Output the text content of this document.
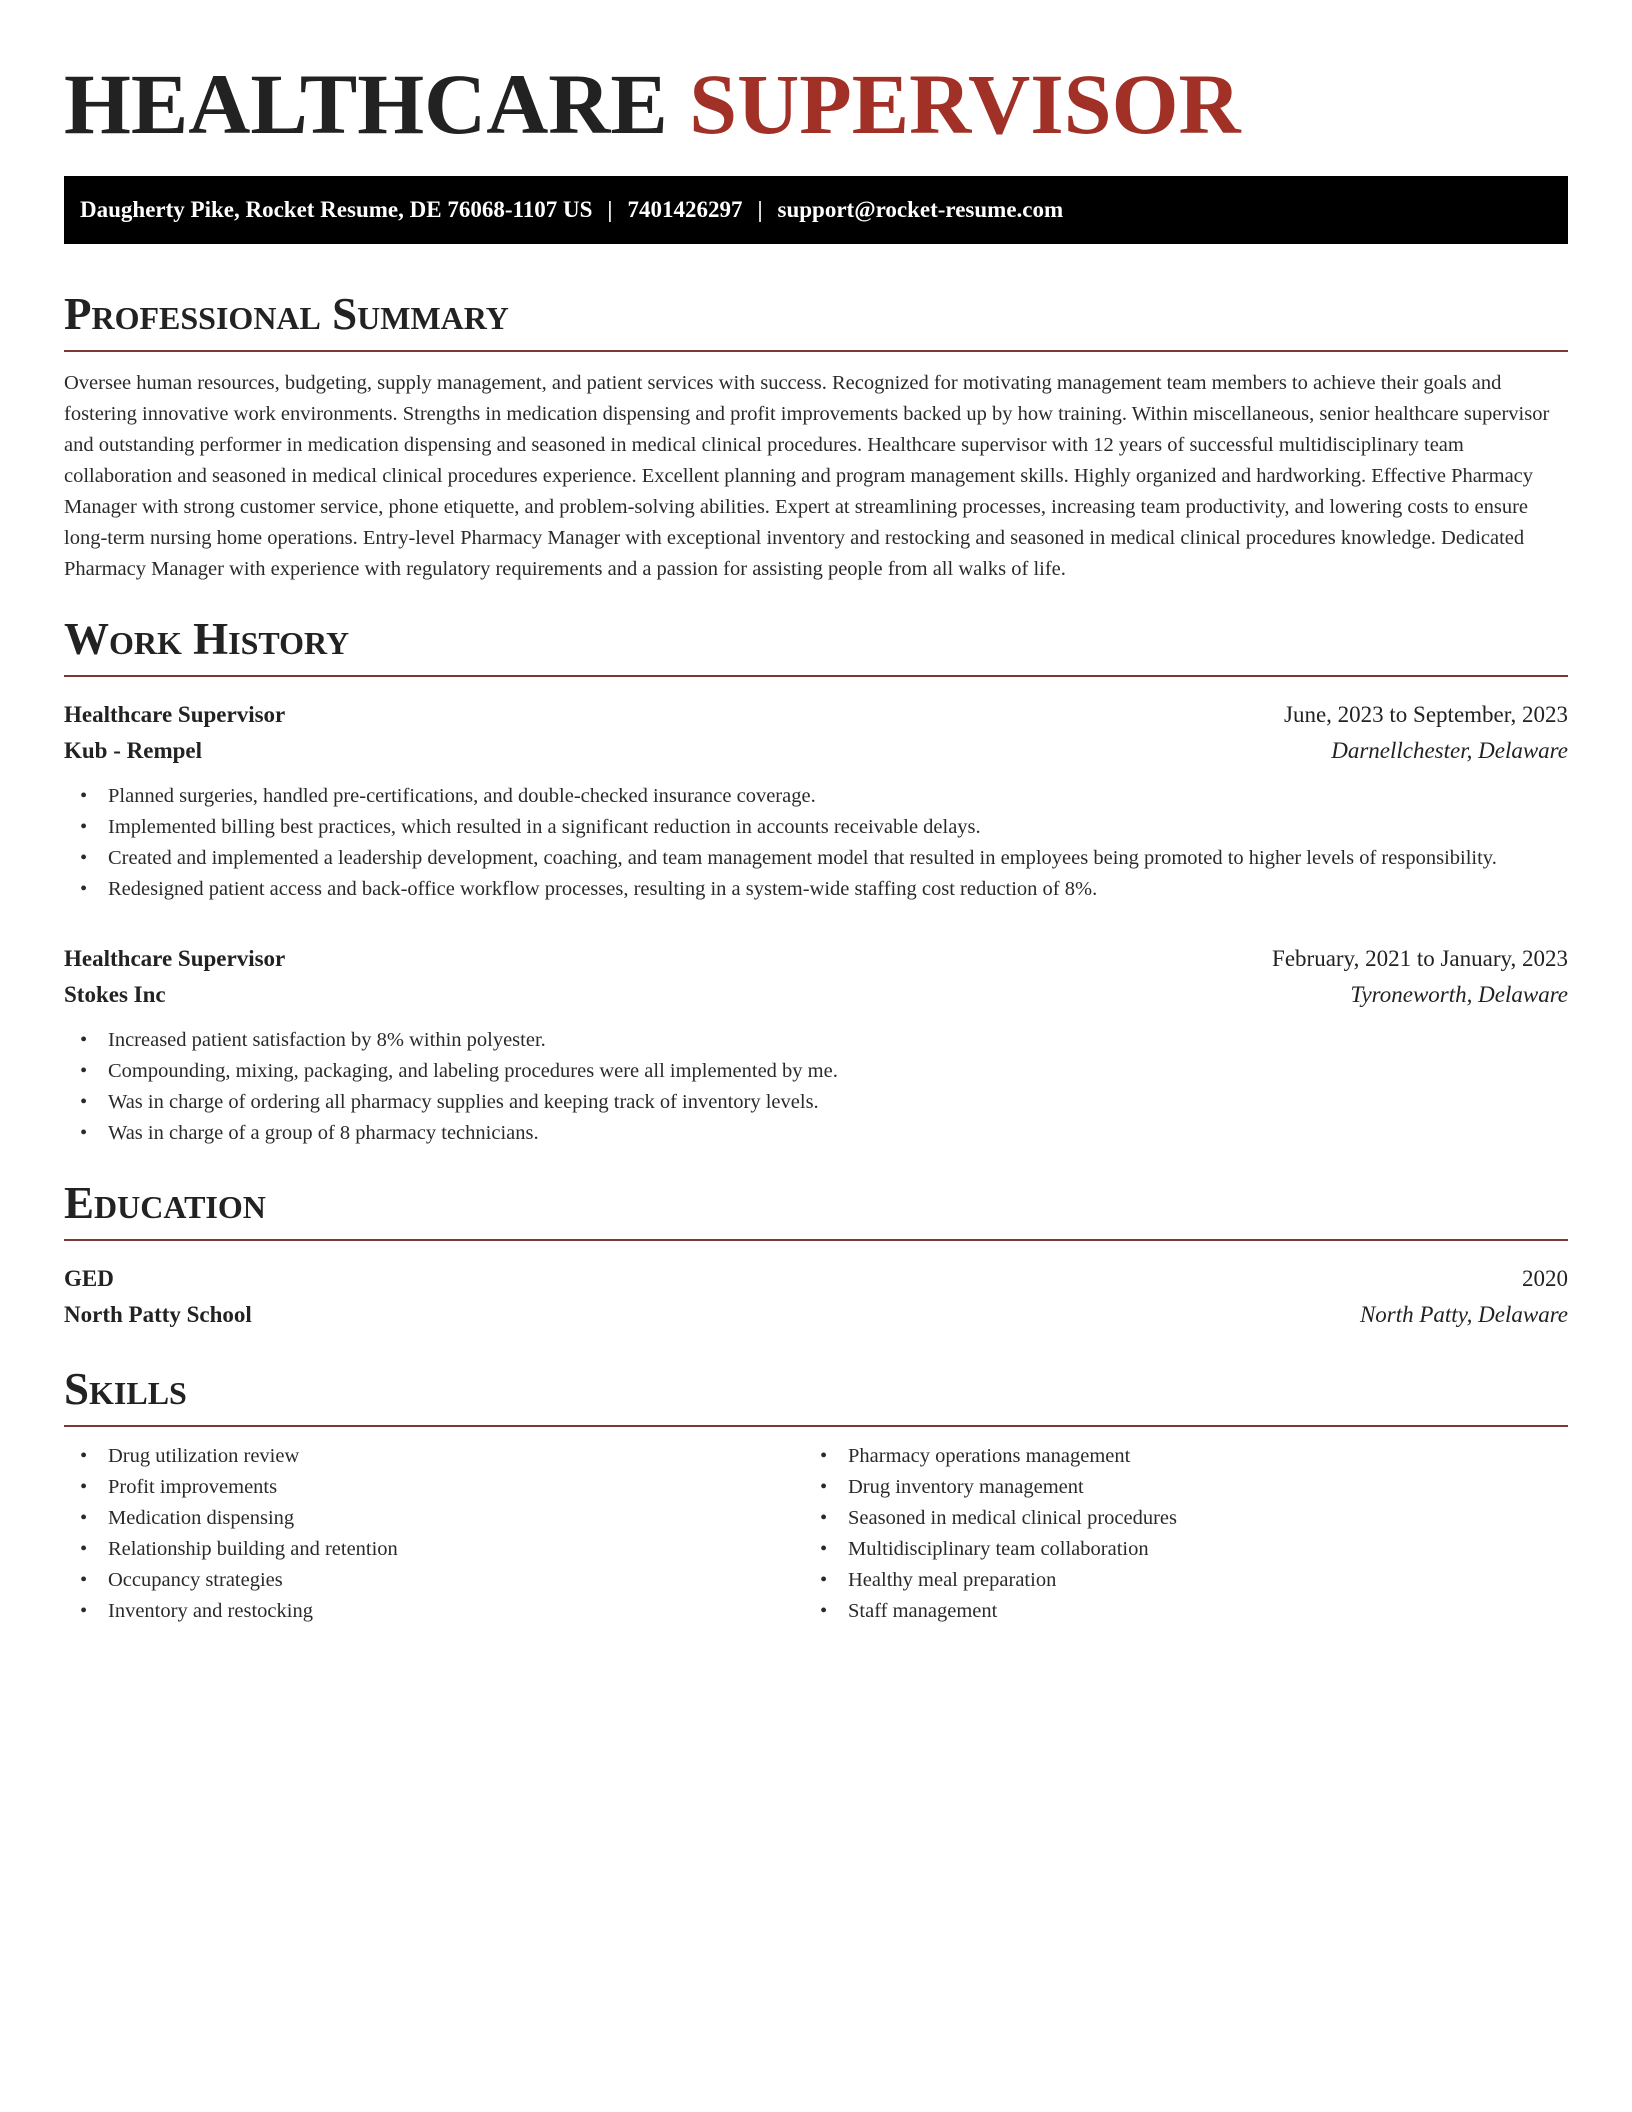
HEALTHCARE SUPERVISOR
Daugherty Pike, Rocket Resume, DE 76068-1107 US | 7401426297 | support@rocket-resume.com
Professional Summary

Oversee human resources, budgeting, supply management, and patient services with success. Recognized for motivating management team members to achieve their goals and fostering innovative work environments. Strengths in medication dispensing and profit improvements backed up by how training. Within miscellaneous, senior healthcare supervisor and outstanding performer in medication dispensing and seasoned in medical clinical procedures. Healthcare supervisor with 12 years of successful multidisciplinary team collaboration and seasoned in medical clinical procedures experience. Excellent planning and program management skills. Highly organized and hardworking. Effective Pharmacy Manager with strong customer service, phone etiquette, and problem-solving abilities. Expert at streamlining processes, increasing team productivity, and lowering costs to ensure long-term nursing home operations. Entry-level Pharmacy Manager with exceptional inventory and restocking and seasoned in medical clinical procedures knowledge. Dedicated Pharmacy Manager with experience with regulatory requirements and a passion for assisting people from all walks of life.

Work History
Healthcare Supervisor	June, 2023 to September, 2023
Kub - Rempel	Darnellchester, Delaware
• Planned surgeries, handled pre-certifications, and double-checked insurance coverage.
• Implemented billing best practices, which resulted in a significant reduction in accounts receivable delays.
• Created and implemented a leadership development, coaching, and team management model that resulted in employees being promoted to higher levels of responsibility.
• Redesigned patient access and back-office workflow processes, resulting in a system-wide staffing cost reduction of 8%.
Healthcare Supervisor	February, 2021 to January, 2023
Stokes Inc	Tyroneworth, Delaware
• Increased patient satisfaction by 8% within polyester.
• Compounding, mixing, packaging, and labeling procedures were all implemented by me.
• Was in charge of ordering all pharmacy supplies and keeping track of inventory levels.
• Was in charge of a group of 8 pharmacy technicians.
Education
GED	2020
North Patty School	North Patty, Delaware
Skills
• Drug utilization review
• Profit improvements
• Medication dispensing
• Relationship building and retention
• Occupancy strategies
• Inventory and restocking
• Pharmacy operations management
• Drug inventory management
• Seasoned in medical clinical procedures
• Multidisciplinary team collaboration
• Healthy meal preparation
• Staff management
